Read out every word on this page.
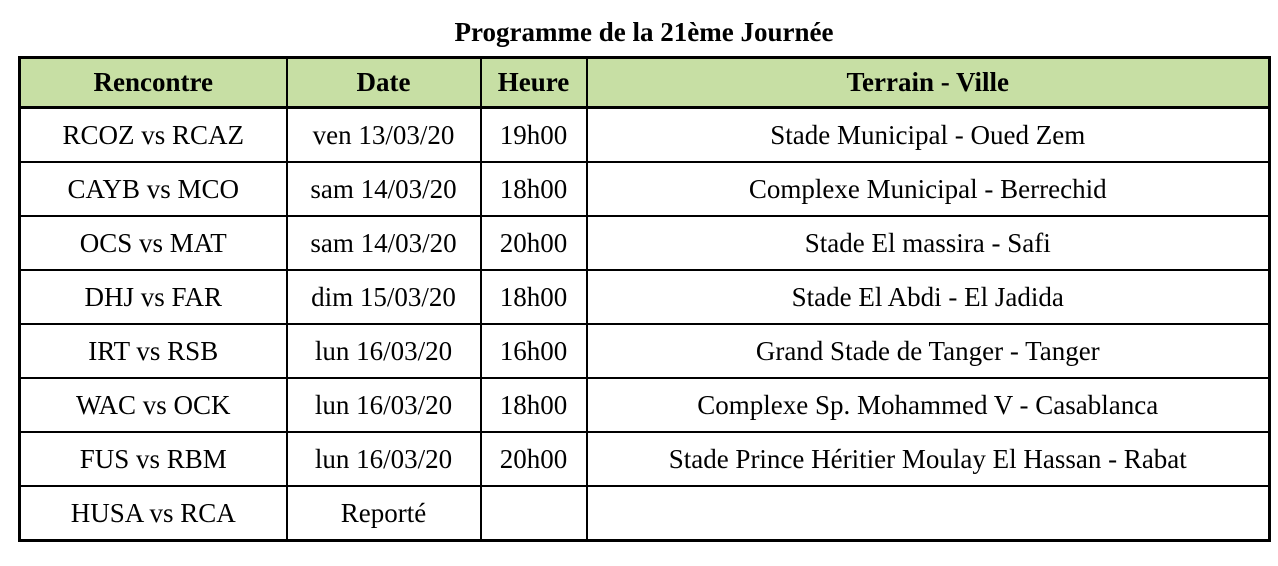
Programme de la 21ème Journée
Rencontre	Date	Heure	Terrain - Ville
RCOZ vs RCAZ	ven 13/03/20	19h00	Stade Municipal - Oued Zem
CAYB vs MCO	sam 14/03/20	18h00	Complexe Municipal - Berrechid
OCS vs MAT	sam 14/03/20	20h00	Stade El massira - Safi
DHJ vs FAR	dim 15/03/20	18h00	Stade El Abdi - El Jadida
IRT vs RSB	lun 16/03/20	16h00	Grand Stade de Tanger - Tanger
WAC vs OCK	lun 16/03/20	18h00	Complexe Sp. Mohammed V - Casablanca
FUS vs RBM	lun 16/03/20	20h00	Stade Prince Héritier Moulay El Hassan - Rabat
HUSA vs RCA	Reporté		
